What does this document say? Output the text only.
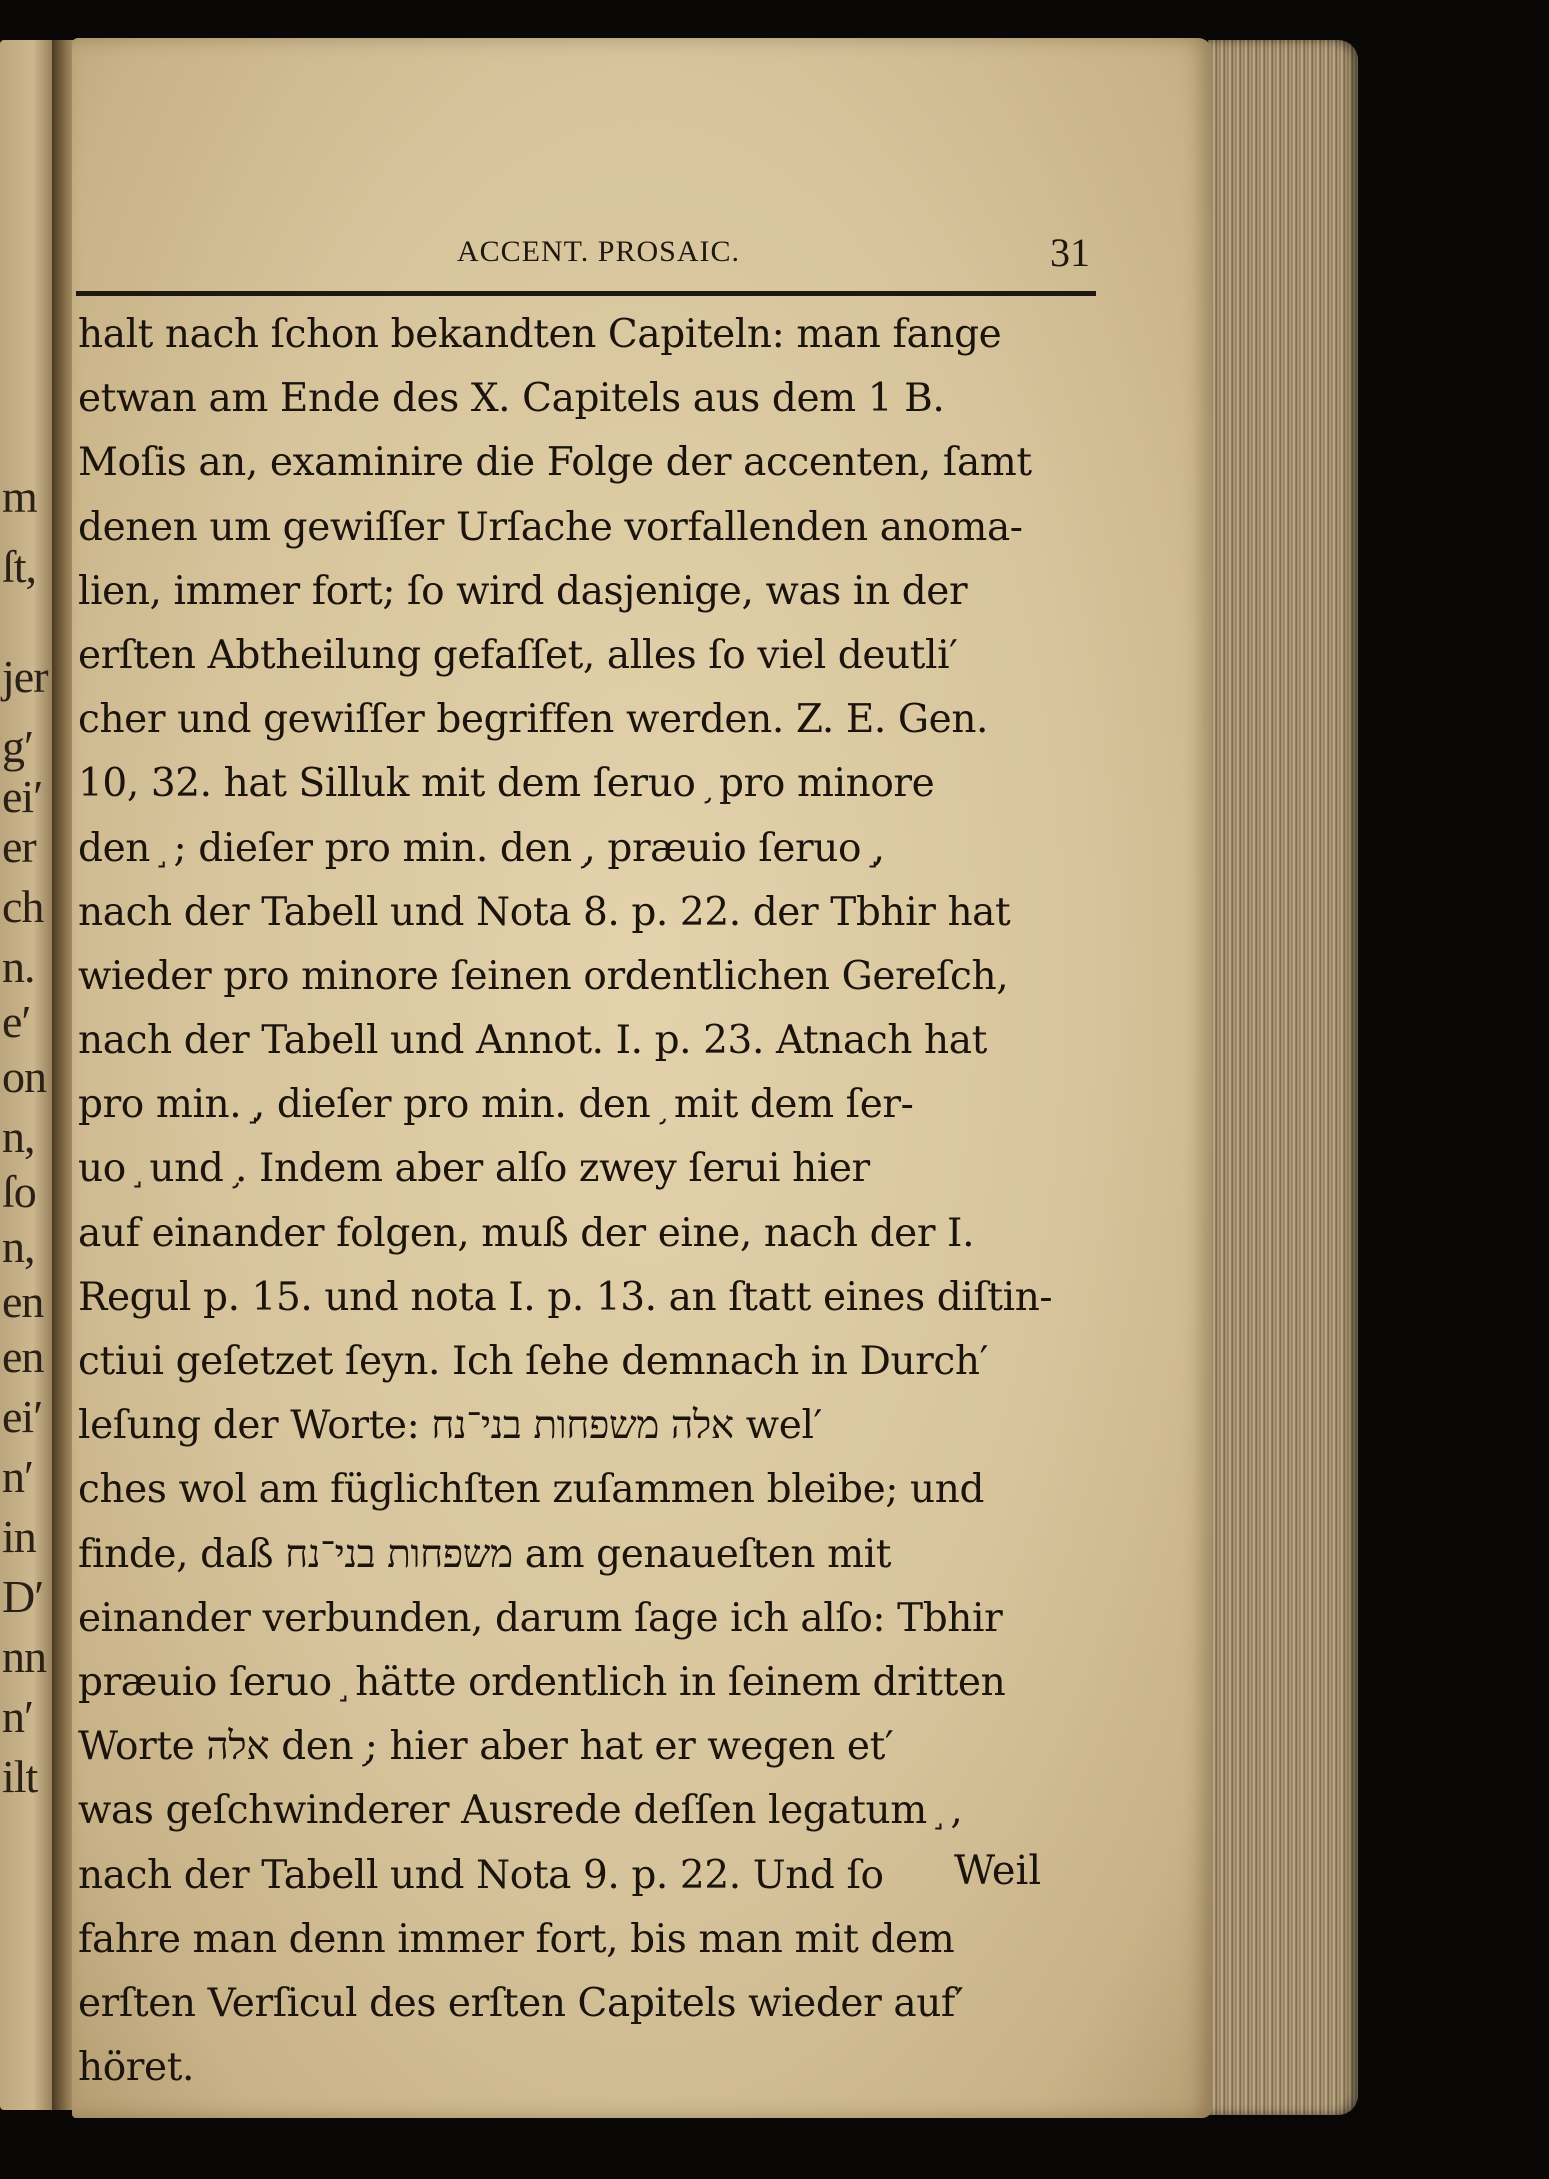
m
ſt,
jer
g′
ei′
er
ch
n.
e′
on
n,
ſo
n,
en
en
ei′
n′
in
D′
nn
n′
ilt
ACCENT. PROSAIC.	31
halt nach ſchon bekandten Capiteln: man fange
etwan am Ende des X. Capitels aus dem 1 B.
Moſis an, examinire die Folge der accenten, ſamt
denen um gewiſſer Urſache vorfallenden anoma-
lien, immer fort; ſo wird dasjenige, was in der
erſten Abtheilung gefaſſet, alles ſo viel deutli′
cher und gewiſſer begriffen werden. Z. E. Gen.
10, 32. hat Silluk mit dem ſeruo ֥ pro minore
den ֣ ; dieſer pro min. den ֥, præuio ſeruo ֣,
nach der Tabell und Nota 8. p. 22. der Tbhir hat
wieder pro minore ſeinen ordentlichen Gereſch,
nach der Tabell und Annot. I. p. 23. Atnach hat
pro min. ֣, dieſer pro min. den ֥ mit dem ſer-
uo ֣ und ֥. Indem aber alſo zwey ſerui hier
auf einander folgen, muß der eine, nach der I.
Regul p. 15. und nota I. p. 13. an ſtatt eines diſtin-
ctiui geſetzet ſeyn. Ich ſehe demnach in Durch′
leſung der Worte: אלה משפחות בני־נח wel′
ches wol am füglichſten zuſammen bleibe; und
finde, daß משפחות בני־נח am genaueſten mit
einander verbunden, darum ſage ich alſo: Tbhir
præuio ſeruo ֣ hätte ordentlich in ſeinem dritten
Worte אלה den ֥; hier aber hat er wegen et′
was geſchwinderer Ausrede deſſen legatum ֣ ,
nach der Tabell und Nota 9. p. 22. Und ſo
fahre man denn immer fort, bis man mit dem
erſten Verſicul des erſten Capitels wieder auf′
höret.
Weil
